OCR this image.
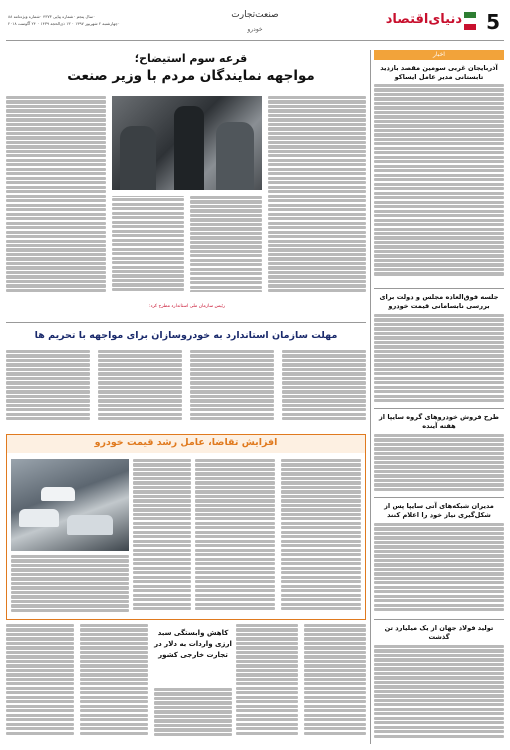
5
دنیای‌اقتصاد
صنعت‌تجارت
خودرو
۰سال پنجم ۰شماره پیاپی ۴۳۷۳ ۰شماره ویژه‌نامه ۸۸
۰چهارشنبه ۲ شهریور ۱۳۹۷ ۰ ۱۳ ذی‌الحجه ۱۴۳۹ ۰ ۲۴ آگوست ۲۰۱۸
اخبار
آذربایجان غربی سومین مقصد بازدید تابستانی مدیر عامل ایساکو
جلسه فوق‌العاده مجلس و دولت برای بررسی نابسامانی قیمت خودرو
طرح فروش خودروهای گروه سایپا از هفته آینده
مدیران شبکه‌های آتی سایپا پس از شکل‌گیری نیاز خود را اعلام کنند
تولید فولاد جهان از یک میلیارد تن گذشت
قرعه سوم استیضاح؛
مواجهه نمایندگان مردم با وزیر صنعت
رئیس سازمان ملی استاندارد مطرح کرد:
مهلت سازمان استاندارد به خودروسازان برای مواجهه با تحریم ها
افزایش تقاضا، عامل رشد قیمت خودرو
کاهش وابستگی سبد
ارزی واردات به دلار در
تجارت خارجی کشور
